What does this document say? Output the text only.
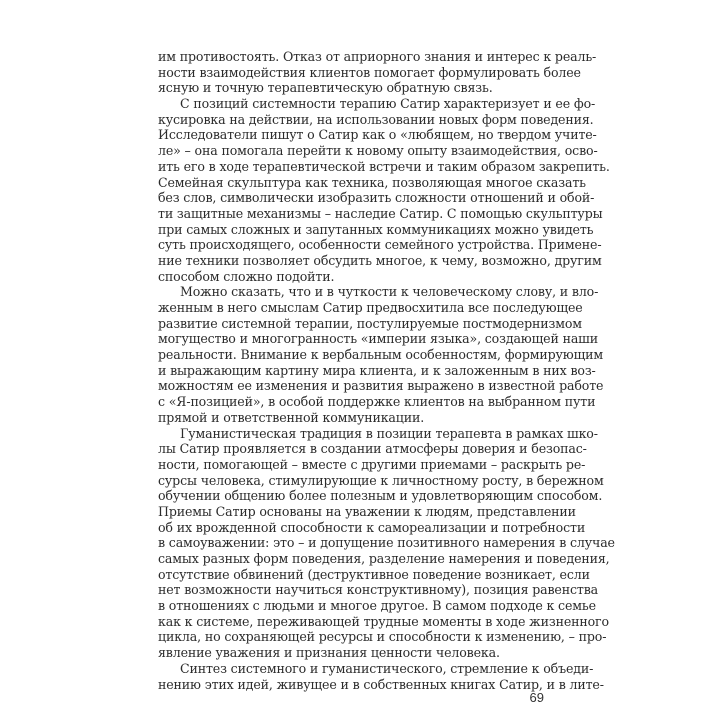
им противостоять. Отказ от априорного знания и интерес к реаль-
ности взаимодействия клиентов помогает формулировать более
ясную и точную терапевтическую обратную связь.
С позиций системности терапию Сатир характеризует и ее фо-
кусировка на действии, на использовании новых форм поведения.
Исследователи пишут о Сатир как о «любящем, но твердом учите-
ле» – она помогала перейти к новому опыту взаимодействия, осво-
ить его в ходе терапевтической встречи и таким образом закрепить.
Семейная скульптура как техника, позволяющая многое сказать
без слов, символически изобразить сложности отношений и обой-
ти защитные механизмы – наследие Сатир. С помощью скульптуры
при самых сложных и запутанных коммуникациях можно увидеть
суть происходящего, особенности семейного устройства. Примене-
ние техники позволяет обсудить многое, к чему, возможно, другим
способом сложно подойти.
Можно сказать, что и в чуткости к человеческому слову, и вло-
женным в него смыслам Сатир предвосхитила все последующее
развитие системной терапии, постулируемые постмодернизмом
могущество и многогранность «империи языка», создающей наши
реальности. Внимание к вербальным особенностям, формирующим
и выражающим картину мира клиента, и к заложенным в них воз-
можностям ее изменения и развития выражено в известной работе
с «Я-позицией», в особой поддержке клиентов на выбранном пути
прямой и ответственной коммуникации.
Гуманистическая традиция в позиции терапевта в рамках шко-
лы Сатир проявляется в создании атмосферы доверия и безопас-
ности, помогающей – вместе с другими приемами – раскрыть ре-
сурсы человека, стимулирующие к личностному росту, в бережном
обучении общению более полезным и удовлетворяющим способом.
Приемы Сатир основаны на уважении к людям, представлении
об их врожденной способности к самореализации и потребности
в самоуважении: это – и допущение позитивного намерения в случае
самых разных форм поведения, разделение намерения и поведения,
отсутствие обвинений (деструктивное поведение возникает, если
нет возможности научиться конструктивному), позиция равенства
в отношениях с людьми и многое другое. В самом подходе к семье
как к системе, переживающей трудные моменты в ходе жизненного
цикла, но сохраняющей ресурсы и способности к изменению, – про-
явление уважения и признания ценности человека.
Синтез системного и гуманистического, стремление к объеди-
нению этих идей, живущее и в собственных книгах Сатир, и в лите-
69
